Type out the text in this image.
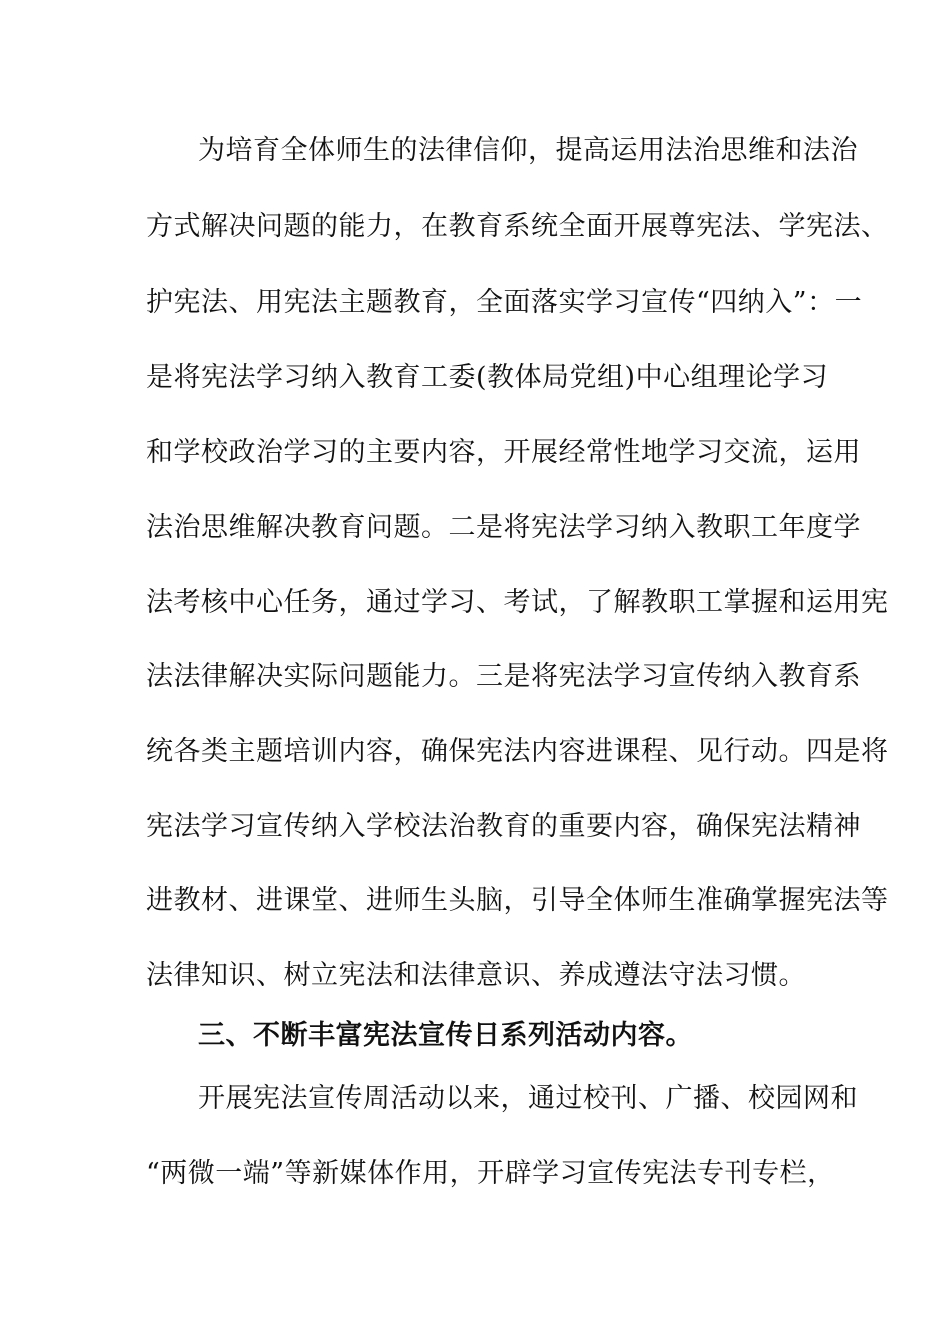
为培育全体师生的法律信仰，提高运用法治思维和法治
方式解决问题的能力，在教育系统全面开展尊宪法、学宪法、
护宪法、用宪法主题教育，全面落实学习宣传“四纳入”：一
是将宪法学习纳入教育工委(教体局党组)中心组理论学习
和学校政治学习的主要内容，开展经常性地学习交流，运用
法治思维解决教育问题。二是将宪法学习纳入教职工年度学
法考核中心任务，通过学习、考试，了解教职工掌握和运用宪
法法律解决实际问题能力。三是将宪法学习宣传纳入教育系
统各类主题培训内容，确保宪法内容进课程、见行动。四是将
宪法学习宣传纳入学校法治教育的重要内容，确保宪法精神
进教材、进课堂、进师生头脑，引导全体师生准确掌握宪法等
法律知识、树立宪法和法律意识、养成遵法守法习惯。
三、不断丰富宪法宣传日系列活动内容。
开展宪法宣传周活动以来，通过校刊、广播、校园网和
“两微一端”等新媒体作用，开辟学习宣传宪法专刊专栏，
